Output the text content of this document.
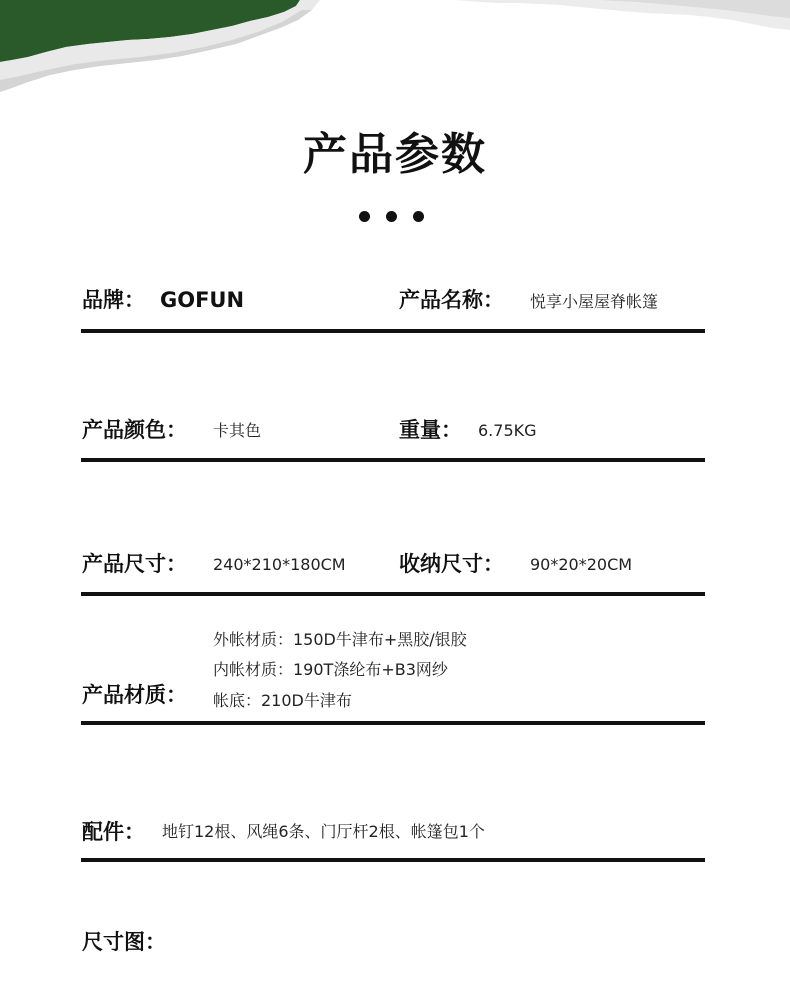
产品参数
品牌： GOFUN	产品名称： 悦享小屋屋脊帐篷
产品颜色： 卡其色	重量： 6.75KG
产品尺寸： 240*210*180CM	收纳尺寸： 90*20*20CM
产品材质：
外帐材质：150D牛津布+黑胶/银胶
内帐材质：190T涤纶布+B3网纱
帐底：210D牛津布
配件： 地钉12根、风绳6条、门厅杆2根、帐篷包1个
尺寸图：
